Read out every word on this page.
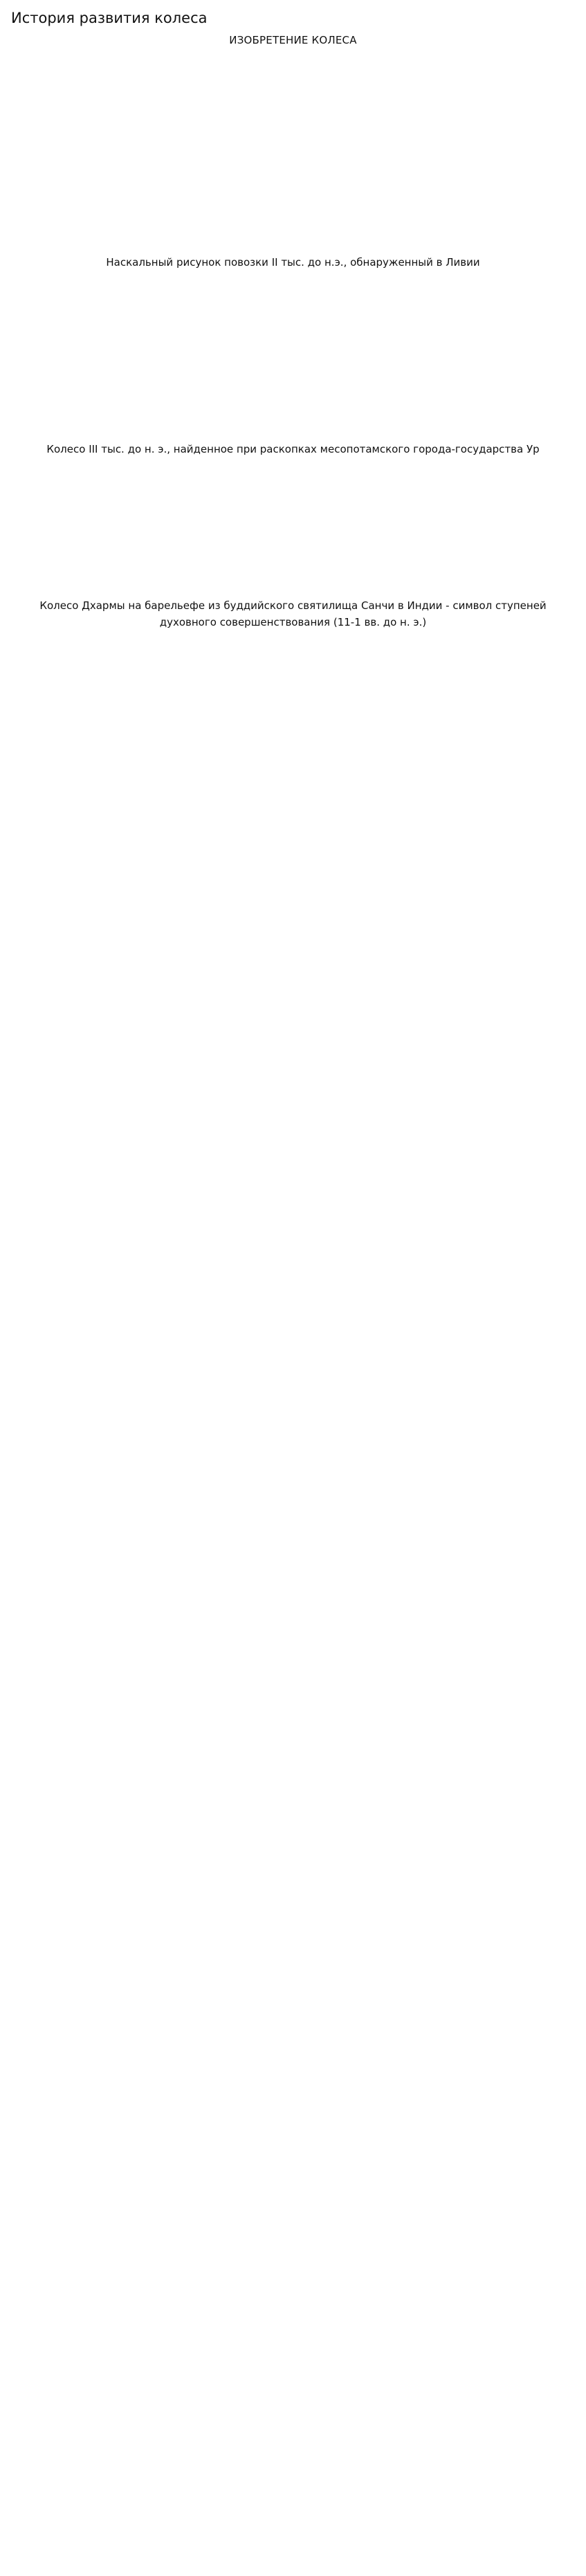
История развития колеса
ИЗОБРЕТЕНИЕ КОЛЕСА

Наскальный рисунок повозки II тыс. до н.э., обнаруженный в Ливии

Колесо III тыс. до н. э., найденное при раскопках месопотамского города-государства Ур

Колесо Дхармы на барельефе из буддийского святилища Санчи в Индии - символ ступеней духовного совершенствования (11-1 вв. до н. э.)
